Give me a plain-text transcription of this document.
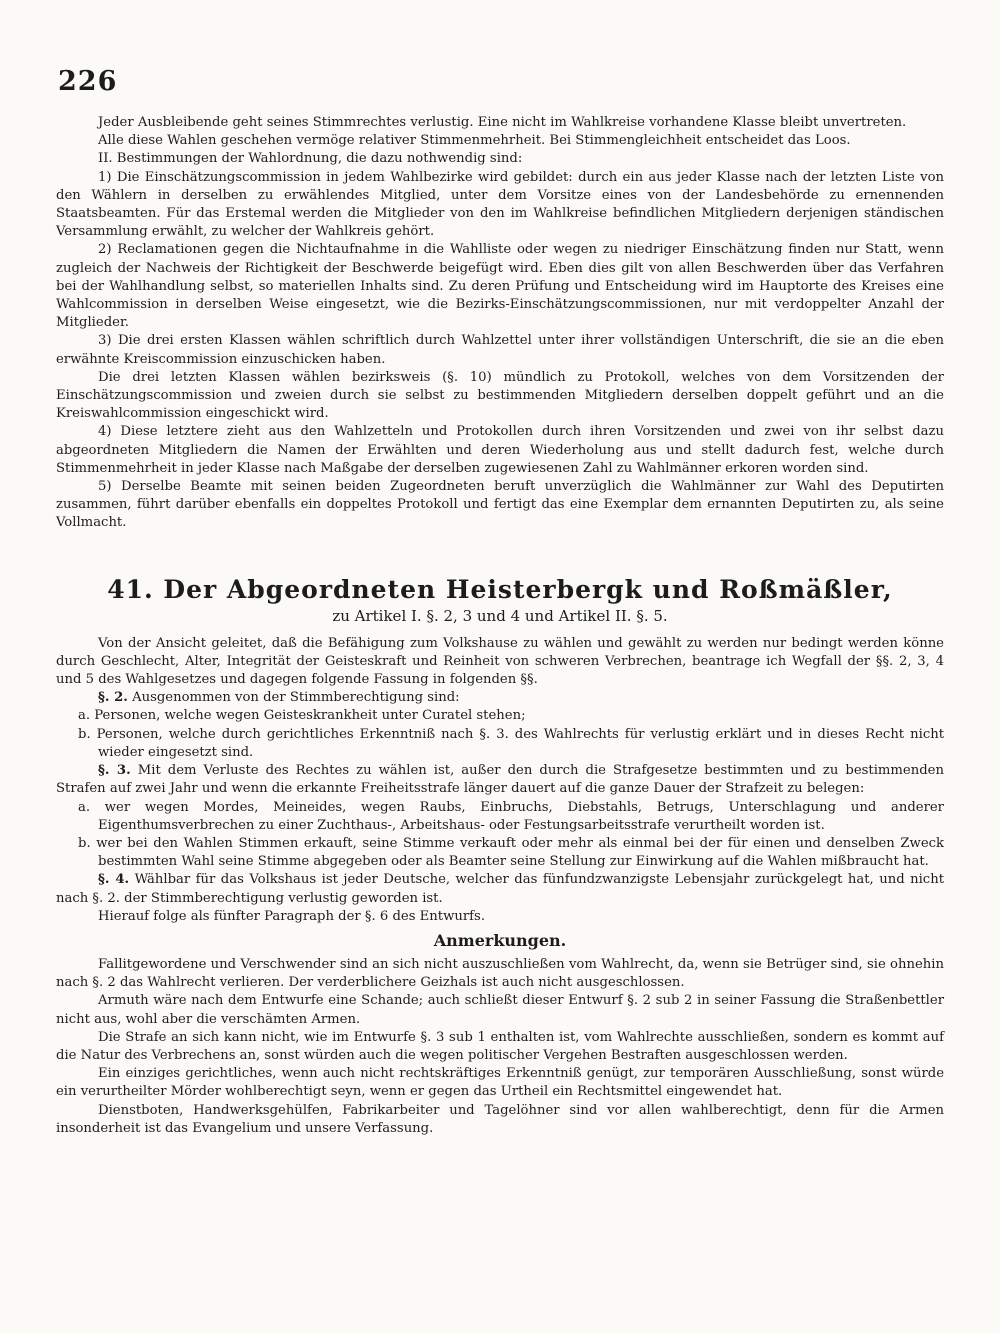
226

Jeder Ausbleibende geht seines Stimmrechtes verlustig. Eine nicht im Wahlkreise vorhandene Klasse bleibt unvertreten.

Alle diese Wahlen geschehen vermöge relativer Stimmenmehrheit. Bei Stimmengleichheit entscheidet das Loos.

II. Bestimmungen der Wahlordnung, die dazu nothwendig sind:

1) Die Einschätzungscommission in jedem Wahlbezirke wird gebildet: durch ein aus jeder Klasse nach der letzten Liste von den Wählern in derselben zu erwählendes Mitglied, unter dem Vorsitze eines von der Landesbehörde zu ernennenden Staatsbeamten. Für das Erstemal werden die Mitglieder von den im Wahlkreise befindlichen Mitgliedern derjenigen ständischen Versammlung erwählt, zu welcher der Wahlkreis gehört.

2) Reclamationen gegen die Nichtaufnahme in die Wahlliste oder wegen zu niedriger Einschätzung finden nur Statt, wenn zugleich der Nachweis der Richtigkeit der Beschwerde beigefügt wird. Eben dies gilt von allen Beschwerden über das Verfahren bei der Wahlhandlung selbst, so materiellen Inhalts sind. Zu deren Prüfung und Entscheidung wird im Hauptorte des Kreises eine Wahlcommission in derselben Weise eingesetzt, wie die Bezirks-Einschätzungscommissionen, nur mit verdoppelter Anzahl der Mitglieder.

3) Die drei ersten Klassen wählen schriftlich durch Wahlzettel unter ihrer vollständigen Unterschrift, die sie an die eben erwähnte Kreiscommission einzuschicken haben.

Die drei letzten Klassen wählen bezirksweis (§. 10) mündlich zu Protokoll, welches von dem Vorsitzenden der Einschätzungscommission und zweien durch sie selbst zu bestimmenden Mitgliedern derselben doppelt geführt und an die Kreiswahlcommission eingeschickt wird.

4) Diese letztere zieht aus den Wahlzetteln und Protokollen durch ihren Vorsitzenden und zwei von ihr selbst dazu abgeordneten Mitgliedern die Namen der Erwählten und deren Wiederholung aus und stellt dadurch fest, welche durch Stimmenmehrheit in jeder Klasse nach Maßgabe der derselben zugewiesenen Zahl zu Wahlmänner erkoren worden sind.

5) Derselbe Beamte mit seinen beiden Zugeordneten beruft unverzüglich die Wahlmänner zur Wahl des Deputirten zusammen, führt darüber ebenfalls ein doppeltes Protokoll und fertigt das eine Exemplar dem ernannten Deputirten zu, als seine Vollmacht.

41. Der Abgeordneten Heisterbergk und Roßmäßler,
zu Artikel I. §. 2, 3 und 4 und Artikel II. §. 5.

Von der Ansicht geleitet, daß die Befähigung zum Volkshause zu wählen und gewählt zu werden nur bedingt werden könne durch Geschlecht, Alter, Integrität der Geisteskraft und Reinheit von schweren Verbrechen, beantrage ich Wegfall der §§. 2, 3, 4 und 5 des Wahlgesetzes und dagegen folgende Fassung in folgenden §§.

§. 2. Ausgenommen von der Stimmberechtigung sind:

a. Personen, welche wegen Geisteskrankheit unter Curatel stehen;

b. Personen, welche durch gerichtliches Erkenntniß nach §. 3. des Wahlrechts für verlustig erklärt und in dieses Recht nicht wieder eingesetzt sind.

§. 3. Mit dem Verluste des Rechtes zu wählen ist, außer den durch die Strafgesetze bestimmten und zu bestimmenden Strafen auf zwei Jahr und wenn die erkannte Freiheitsstrafe länger dauert auf die ganze Dauer der Strafzeit zu belegen:

a. wer wegen Mordes, Meineides, wegen Raubs, Einbruchs, Diebstahls, Betrugs, Unterschlagung und anderer Eigenthumsverbrechen zu einer Zuchthaus-, Arbeitshaus- oder Festungsarbeitsstrafe verurtheilt worden ist.

b. wer bei den Wahlen Stimmen erkauft, seine Stimme verkauft oder mehr als einmal bei der für einen und denselben Zweck bestimmten Wahl seine Stimme abgegeben oder als Beamter seine Stellung zur Einwirkung auf die Wahlen mißbraucht hat.

§. 4. Wählbar für das Volkshaus ist jeder Deutsche, welcher das fünfundzwanzigste Lebensjahr zurückgelegt hat, und nicht nach §. 2. der Stimmberechtigung verlustig geworden ist.

Hierauf folge als fünfter Paragraph der §. 6 des Entwurfs.

Anmerkungen.

Fallitgewordene und Verschwender sind an sich nicht auszuschließen vom Wahlrecht, da, wenn sie Betrüger sind, sie ohnehin nach §. 2 das Wahlrecht verlieren. Der verderblichere Geizhals ist auch nicht ausgeschlossen.

Armuth wäre nach dem Entwurfe eine Schande; auch schließt dieser Entwurf §. 2 sub 2 in seiner Fassung die Straßenbettler nicht aus, wohl aber die verschämten Armen.

Die Strafe an sich kann nicht, wie im Entwurfe §. 3 sub 1 enthalten ist, vom Wahlrechte ausschließen, sondern es kommt auf die Natur des Verbrechens an, sonst würden auch die wegen politischer Vergehen Bestraften ausgeschlossen werden.

Ein einziges gerichtliches, wenn auch nicht rechtskräftiges Erkenntniß genügt, zur temporären Ausschließung, sonst würde ein verurtheilter Mörder wohlberechtigt seyn, wenn er gegen das Urtheil ein Rechtsmittel eingewendet hat.

Dienstboten, Handwerksgehülfen, Fabrikarbeiter und Tagelöhner sind vor allen wahlberechtigt, denn für die Armen insonderheit ist das Evangelium und unsere Verfassung.
